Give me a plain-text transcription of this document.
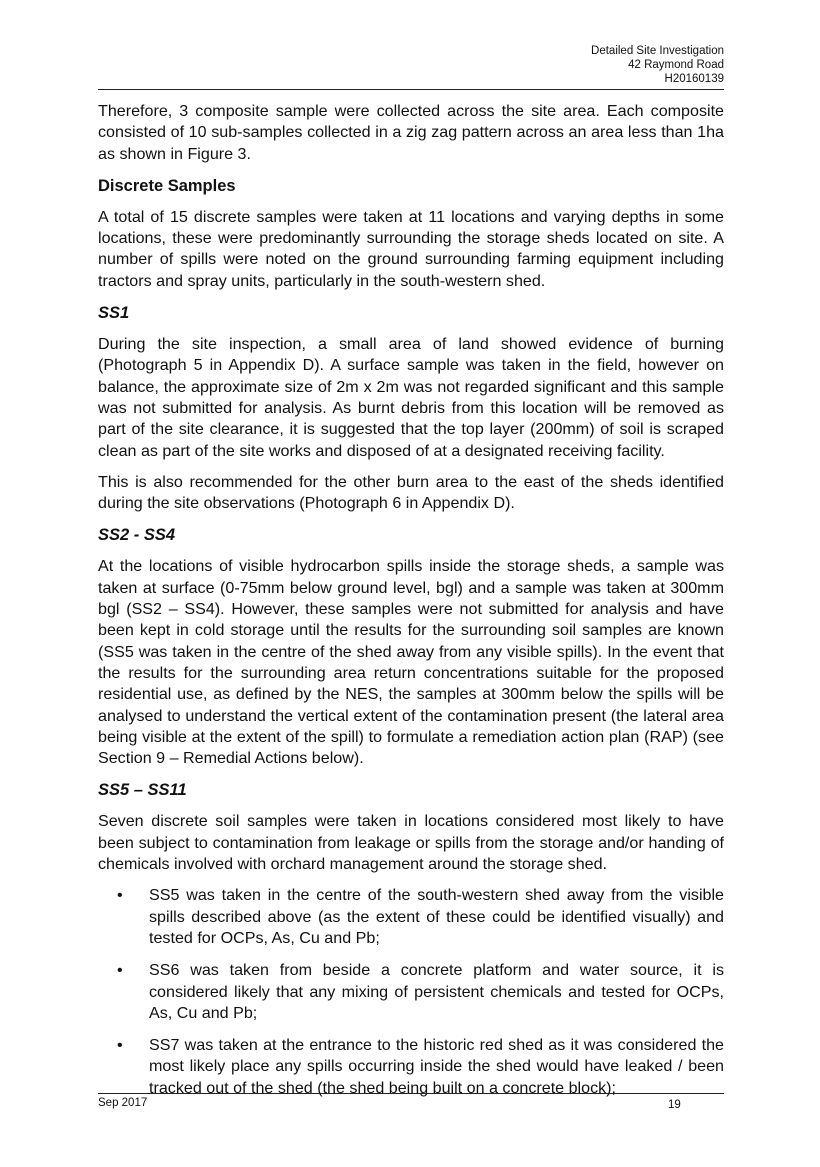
Detailed Site Investigation
42 Raymond Road
H20160139

Therefore, 3 composite sample were collected across the site area. Each composite consisted of 10 sub-samples collected in a zig zag pattern across an area less than 1ha as shown in Figure 3.

Discrete Samples

A total of 15 discrete samples were taken at 11 locations and varying depths in some locations, these were predominantly surrounding the storage sheds located on site. A number of spills were noted on the ground surrounding farming equipment including tractors and spray units, particularly in the south-western shed.

SS1

During the site inspection, a small area of land showed evidence of burning (Photograph 5 in Appendix D). A surface sample was taken in the field, however on balance, the approximate size of 2m x 2m was not regarded significant and this sample was not submitted for analysis. As burnt debris from this location will be removed as part of the site clearance, it is suggested that the top layer (200mm) of soil is scraped clean as part of the site works and disposed of at a designated receiving facility.

This is also recommended for the other burn area to the east of the sheds identified during the site observations (Photograph 6 in Appendix D).

SS2 - SS4

At the locations of visible hydrocarbon spills inside the storage sheds, a sample was taken at surface (0-75mm below ground level, bgl) and a sample was taken at 300mm bgl (SS2 – SS4). However, these samples were not submitted for analysis and have been kept in cold storage until the results for the surrounding soil samples are known (SS5 was taken in the centre of the shed away from any visible spills). In the event that the results for the surrounding area return concentrations suitable for the proposed residential use, as defined by the NES, the samples at 300mm below the spills will be analysed to understand the vertical extent of the contamination present (the lateral area being visible at the extent of the spill) to formulate a remediation action plan (RAP) (see Section 9 – Remedial Actions below).

SS5 – SS11

Seven discrete soil samples were taken in locations considered most likely to have been subject to contamination from leakage or spills from the storage and/or handing of chemicals involved with orchard management around the storage shed.

• SS5 was taken in the centre of the south-western shed away from the visible spills described above (as the extent of these could be identified visually) and tested for OCPs, As, Cu and Pb;
• SS6 was taken from beside a concrete platform and water source, it is considered likely that any mixing of persistent chemicals and tested for OCPs, As, Cu and Pb;
• SS7 was taken at the entrance to the historic red shed as it was considered the most likely place any spills occurring inside the shed would have leaked / been tracked out of the shed (the shed being built on a concrete block);
Sep 2017	19
